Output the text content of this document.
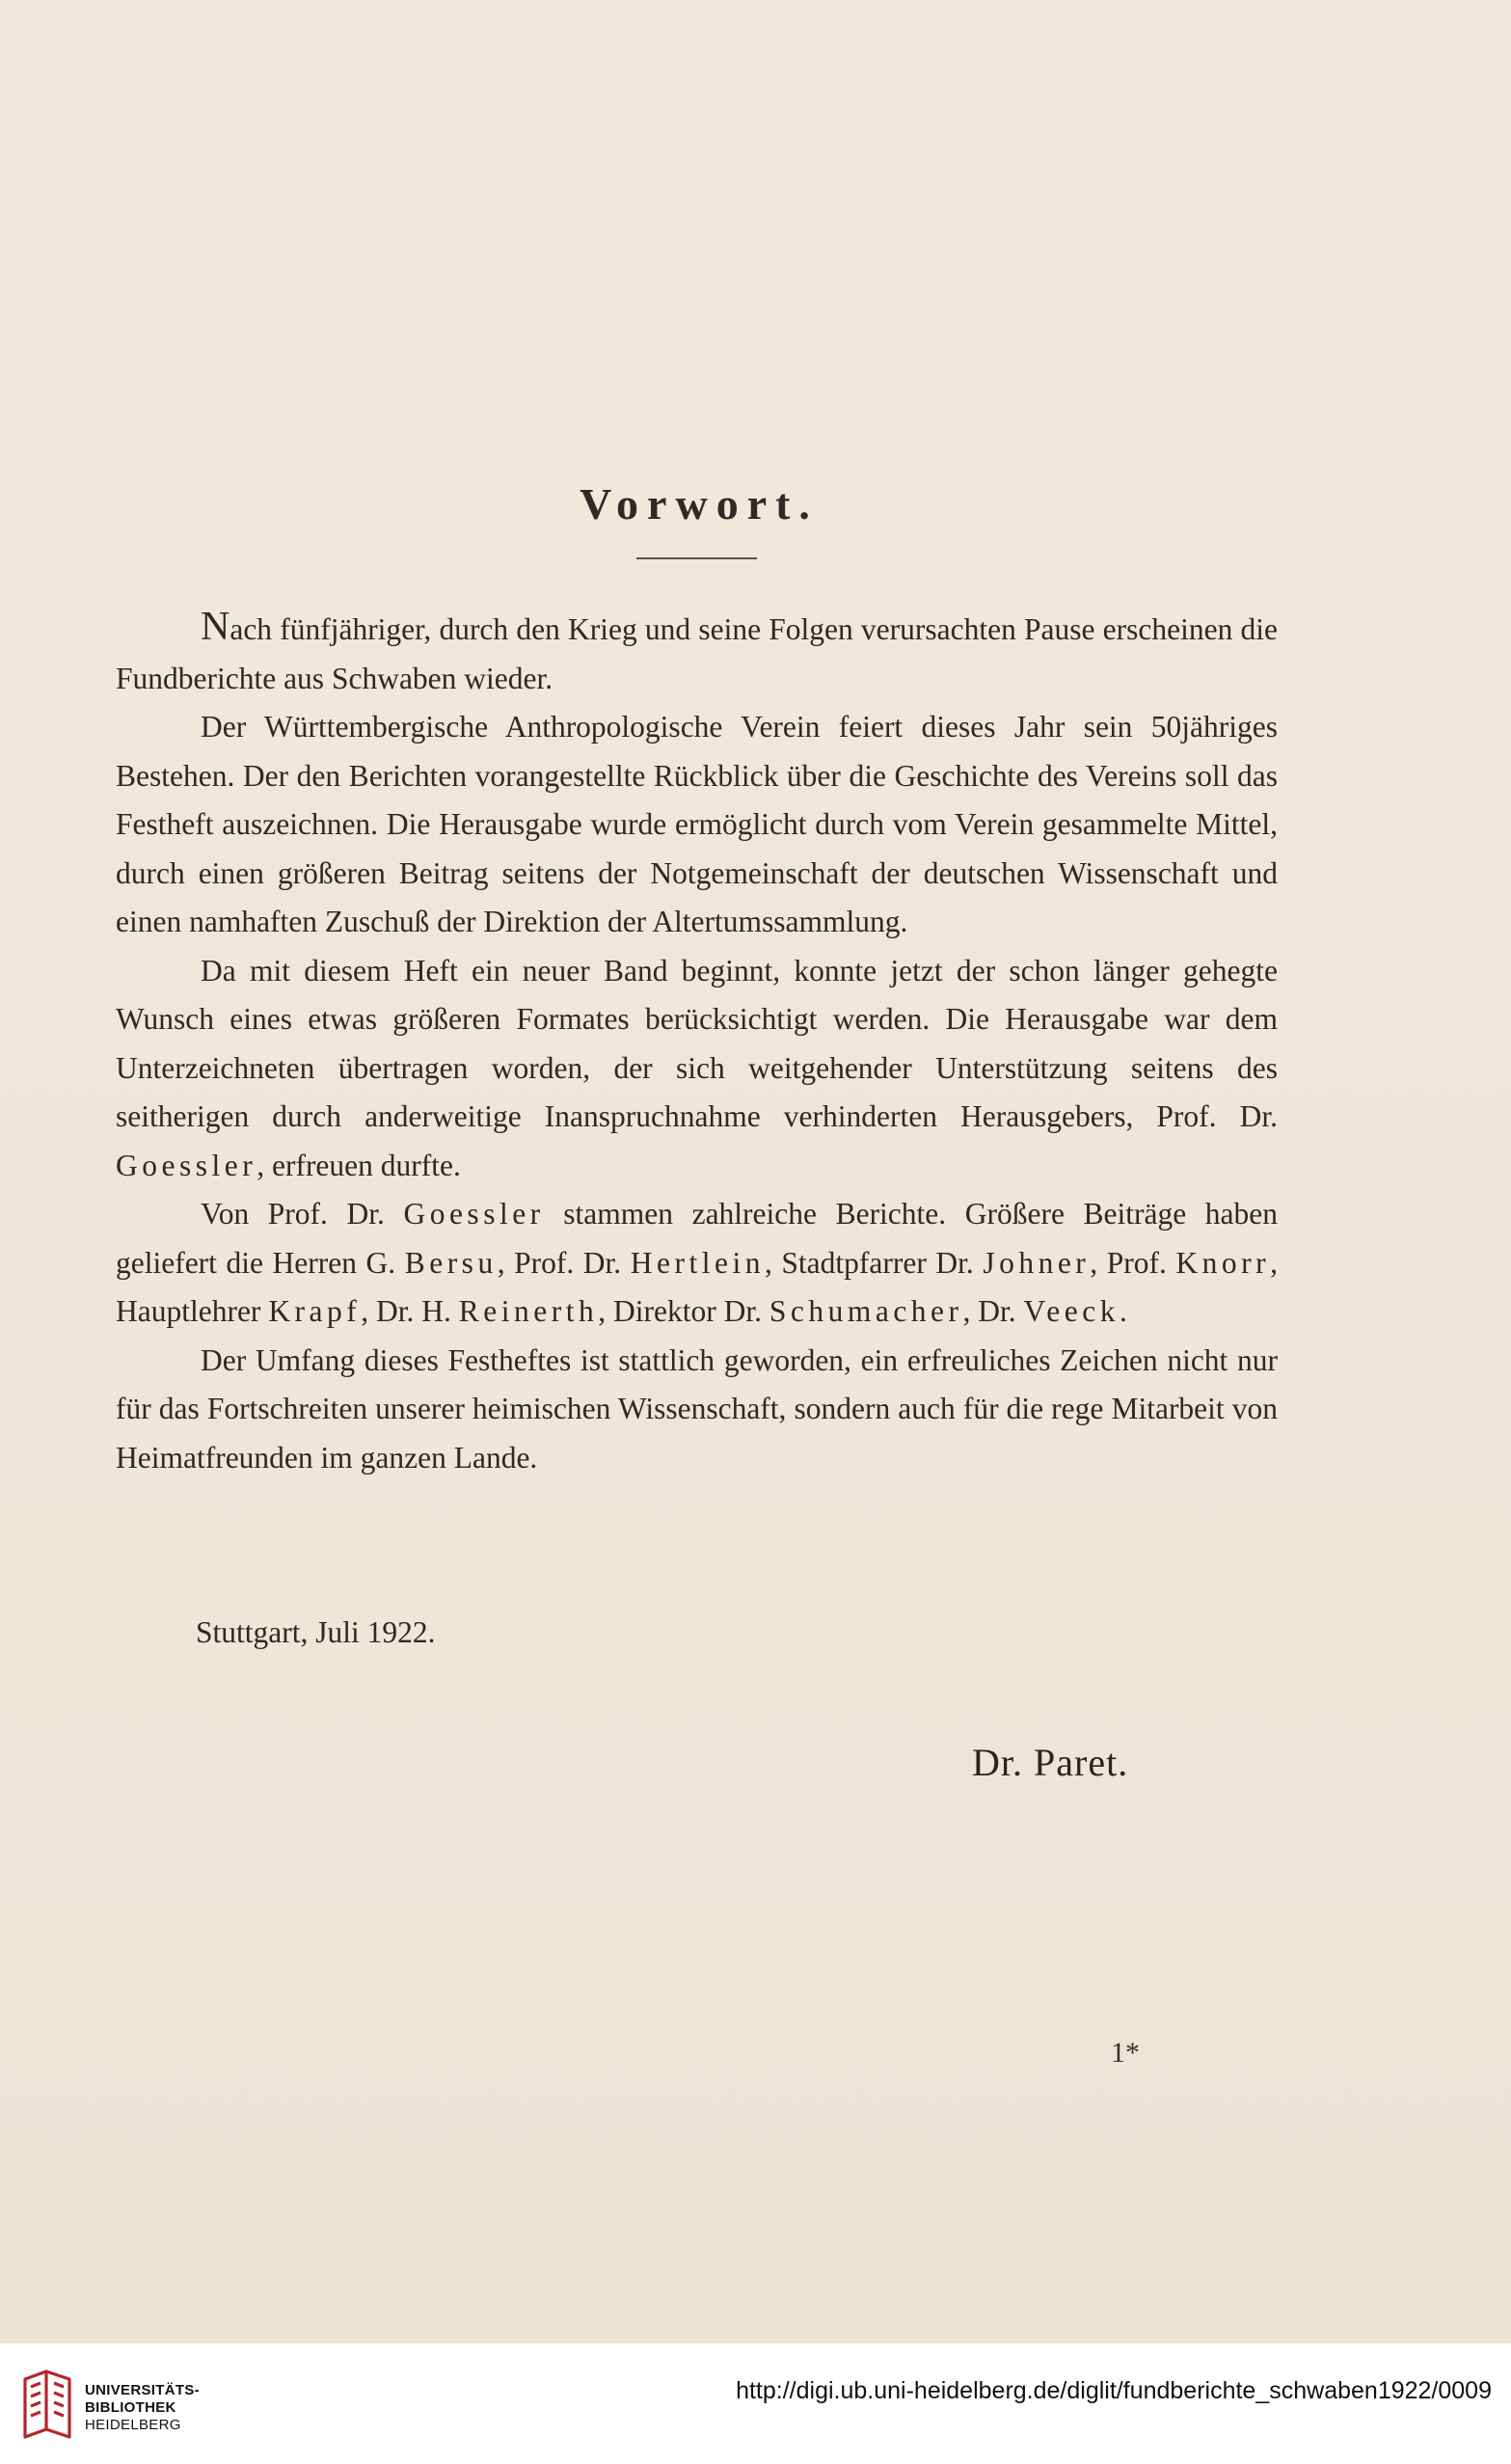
Vorwort.

Nach fünfjähriger, durch den Krieg und seine Folgen verursachten Pause erscheinen die Fundberichte aus Schwaben wieder.

Der Württembergische Anthropologische Verein feiert dieses Jahr sein 50jähriges Bestehen. Der den Berichten vorangestellte Rückblick über die Geschichte des Vereins soll das Festheft auszeichnen. Die Herausgabe wurde ermöglicht durch vom Verein gesammelte Mittel, durch einen größeren Beitrag seitens der Notgemeinschaft der deutschen Wissenschaft und einen namhaften Zuschuß der Direktion der Altertumssammlung.

Da mit diesem Heft ein neuer Band beginnt, konnte jetzt der schon länger gehegte Wunsch eines etwas größeren Formates berücksichtigt werden. Die Herausgabe war dem Unterzeichneten übertragen worden, der sich weitgehender Unterstützung seitens des seitherigen durch anderweitige Inanspruchnahme verhinderten Herausgebers, Prof. Dr. Goessler, erfreuen durfte.

Von Prof. Dr. Goessler stammen zahlreiche Berichte. Größere Beiträge haben geliefert die Herren G. Bersu, Prof. Dr. Hertlein, Stadtpfarrer Dr. Johner, Prof. Knorr, Hauptlehrer Krapf, Dr. H. Reinerth, Direktor Dr. Schumacher, Dr. Veeck.

Der Umfang dieses Festheftes ist stattlich geworden, ein erfreuliches Zeichen nicht nur für das Fortschreiten unserer heimischen Wissenschaft, sondern auch für die rege Mitarbeit von Heimatfreunden im ganzen Lande.

Stuttgart, Juli 1922.
Dr. Paret.
1*
UNIVERSITÄTS-
BIBLIOTHEK
HEIDELBERG
http://digi.ub.uni-heidelberg.de/diglit/fundberichte_schwaben1922/0009
